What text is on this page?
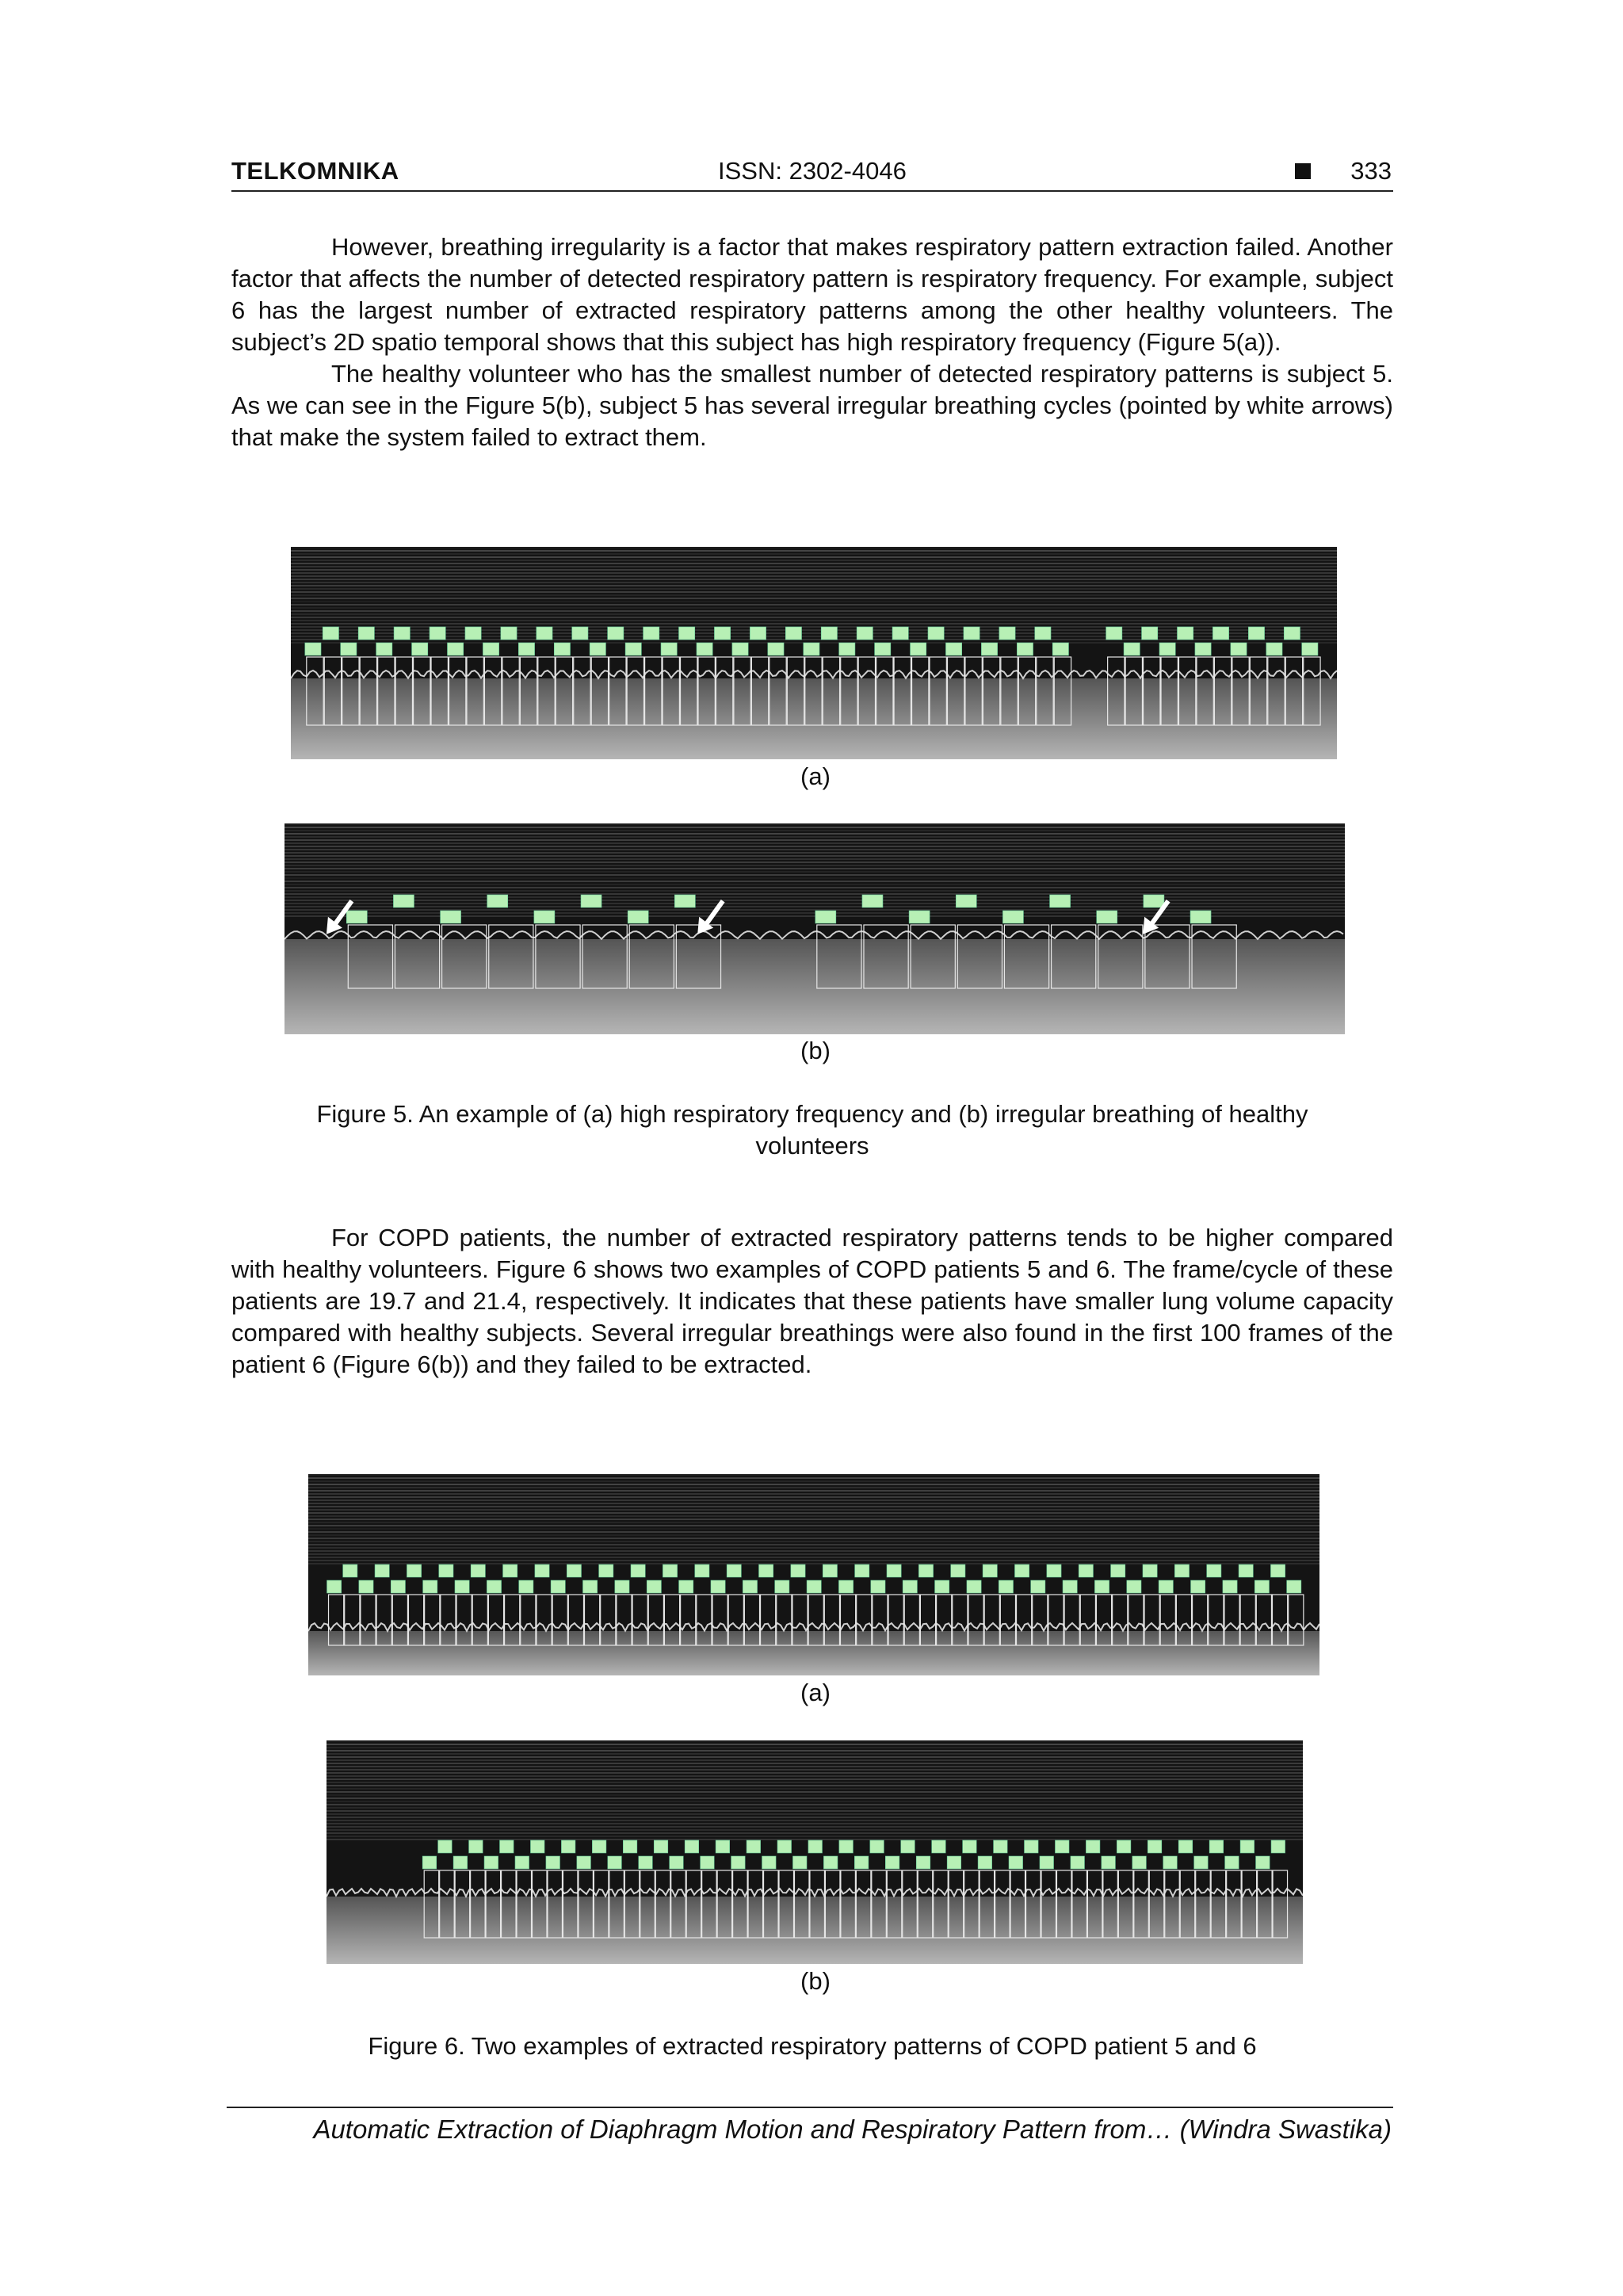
TELKOMNIKA	ISSN: 2302-4046	333

However, breathing irregularity is a factor that makes respiratory pattern extraction failed. Another factor that affects the number of detected respiratory pattern is respiratory frequency. For example, subject 6 has the largest number of extracted respiratory patterns among the other healthy volunteers. The subject’s 2D spatio temporal shows that this subject has high respiratory frequency (Figure 5(a)).

The healthy volunteer who has the smallest number of detected respiratory patterns is subject 5. As we can see in the Figure 5(b), subject 5 has several irregular breathing cycles (pointed by white arrows) that make the system failed to extract them.

(a)
(b)
Figure 5. An example of (a) high respiratory frequency and (b) irregular breathing of healthy
volunteers

For COPD patients, the number of extracted respiratory patterns tends to be higher compared with healthy volunteers. Figure 6 shows two examples of COPD patients 5 and 6. The frame/cycle of these patients are 19.7 and 21.4, respectively. It indicates that these patients have smaller lung volume capacity compared with healthy subjects. Several irregular breathings were also found in the first 100 frames of the patient 6 (Figure 6(b)) and they failed to be extracted.

(a)
(b)
Figure 6. Two examples of extracted respiratory patterns of COPD patient 5 and 6
Automatic Extraction of Diaphragm Motion and Respiratory Pattern from… (Windra Swastika)
